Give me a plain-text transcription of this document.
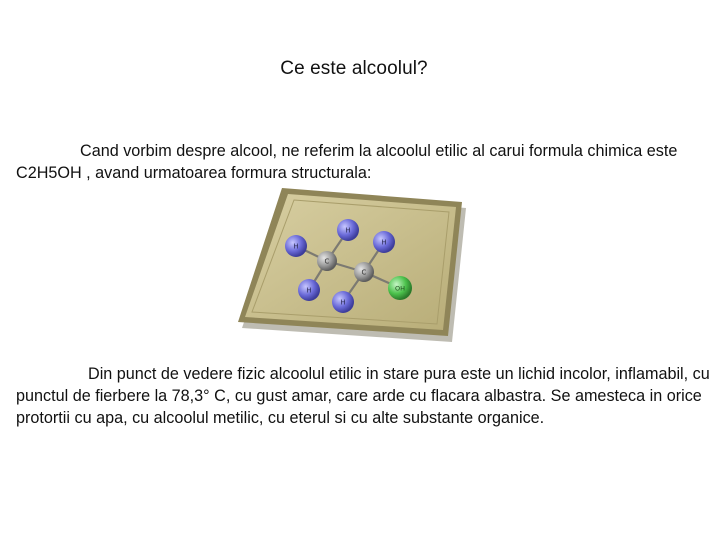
Ce este alcoolul?

Cand vorbim despre alcool, ne referim la alcoolul etilic al carui formula chimica este C2H5OH , avand urmatoarea formura structurala:

H
H
H
H
H
C
C
OH

Din punct de vedere fizic alcoolul etilic in stare pura este un lichid incolor, inflamabil, cu punctul de fierbere la 78,3° C, cu gust amar, care arde cu flacara albastra. Se amesteca in orice protortii cu apa, cu alcoolul metilic, cu eterul si cu alte substante organice.
